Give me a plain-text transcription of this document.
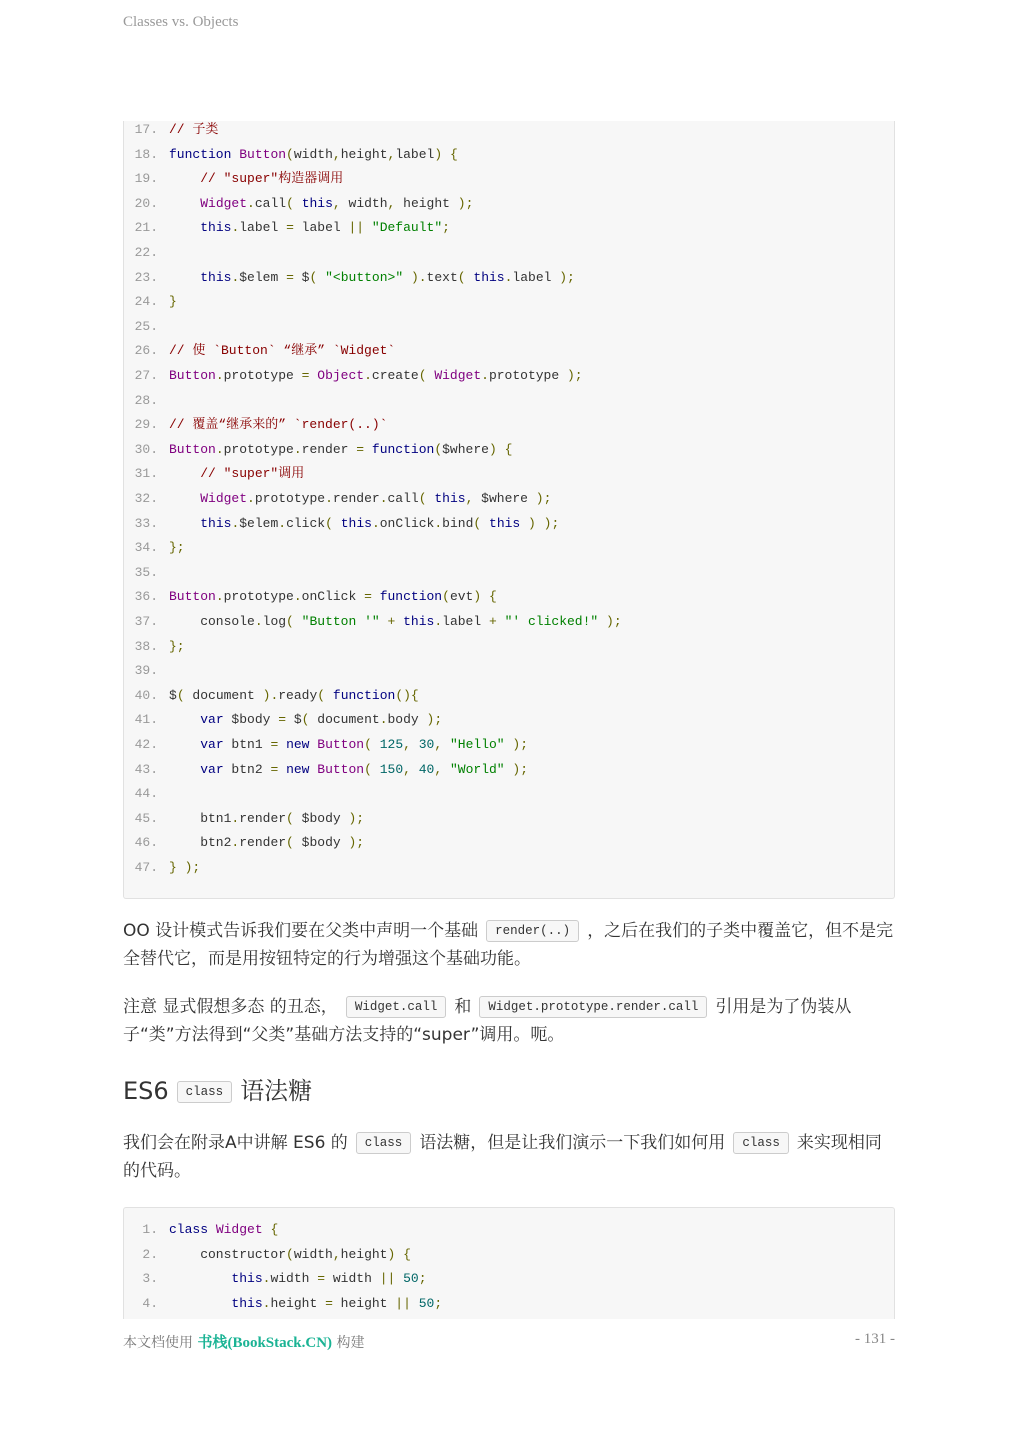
Classes vs. Objects
17. // 子类
18. function Button(width,height,label) {
19.	// "super"构造器调用
20.	Widget.call( this, width, height );
21.	this.label = label || "Default";
22.
23.	this.$elem = $( "<button>" ).text( this.label );
24. }
25.
26. // 使 `Button` “继承” `Widget`
27. Button.prototype = Object.create( Widget.prototype );
28.
29. // 覆盖“继承来的” `render(..)`
30. Button.prototype.render = function($where) {
31.	// "super"调用
32.	Widget.prototype.render.call( this, $where );
33.	this.$elem.click( this.onClick.bind( this ) );
34. };
35.
36. Button.prototype.onClick = function(evt) {
37.    console.log( "Button '" + this.label + "' clicked!" );
38. };
39.
40. $( document ).ready( function(){
41.	var $body = $( document.body );
42.	var btn1 = new Button( 125, 30, "Hello" );
43.	var btn2 = new Button( 150, 40, "World" );
44.
45.    btn1.render( $body );
46.    btn2.render( $body );
47. } );
OO 设计模式告诉我们要在父类中声明一个基础 render(..) ，之后在我们的子类中覆盖它，但不是完全替代它，而是用按钮特定的行为增强这个基础功能。
注意 显式假想多态 的丑态， Widget.call 和 Widget.prototype.render.call 引用是为了伪装从子“类”方法得到“父类”基础方法支持的“super”调用。呃。
ES6 class 语法糖
我们会在附录A中讲解 ES6 的 class 语法糖，但是让我们演示一下我们如何用 class 来实现相同的代码。
1. class Widget {
2.    constructor(width,height) {
3.	this.width = width || 50;
4.	this.height = height || 50;
本文档使用 书栈(BookStack.CN) 构建	- 131 -
